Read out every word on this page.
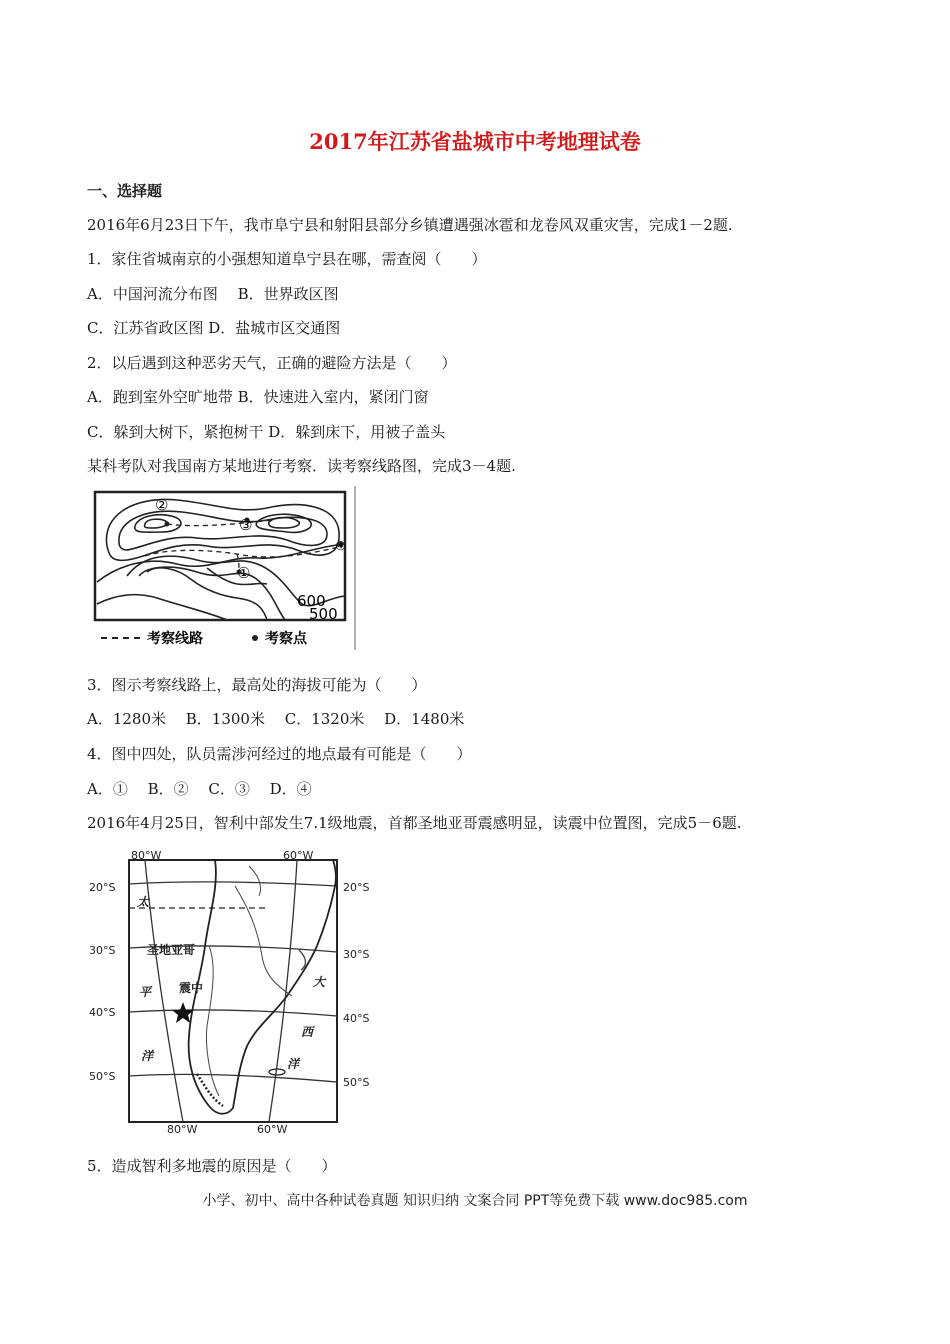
2017年江苏省盐城市中考地理试卷
一、选择题
2016年6月23日下午，我市阜宁县和射阳县部分乡镇遭遇强冰雹和龙卷风双重灾害，完成1－2题.
1．家住省城南京的小强想知道阜宁县在哪，需查阅（　　）
A．中国河流分布图　 B．世界政区图
C．江苏省政区图 D．盐城市区交通图
2．以后遇到这种恶劣天气，正确的避险方法是（　　）
A．跑到室外空旷地带 B．快速进入室内，紧闭门窗
C．躲到大树下，紧抱树干 D．躲到床下，用被子盖头
某科考队对我国南方某地进行考察．读考察线路图，完成3－4题.
①
②
③
④
600
500
考察线路	考察点
3．图示考察线路上，最高处的海拔可能为（　　）
A．1280米　 B．1300米　 C．1320米　 D．1480米
4．图中四处，队员需涉河经过的地点最有可能是（　　）
A．①　 B．②　 C．③　 D．④
2016年4月25日，智利中部发生7.1级地震，首都圣地亚哥震感明显，读震中位置图，完成5－6题.
80°W	60°W
80°W	60°W
20°S
30°S
40°S
50°S
20°S
30°S
40°S
50°S
圣地亚哥
震中
太
平
洋
大
西
洋
5．造成智利多地震的原因是（　　）
小学、初中、高中各种试卷真题 知识归纳 文案合同 PPT等免费下载 www.doc985.com
